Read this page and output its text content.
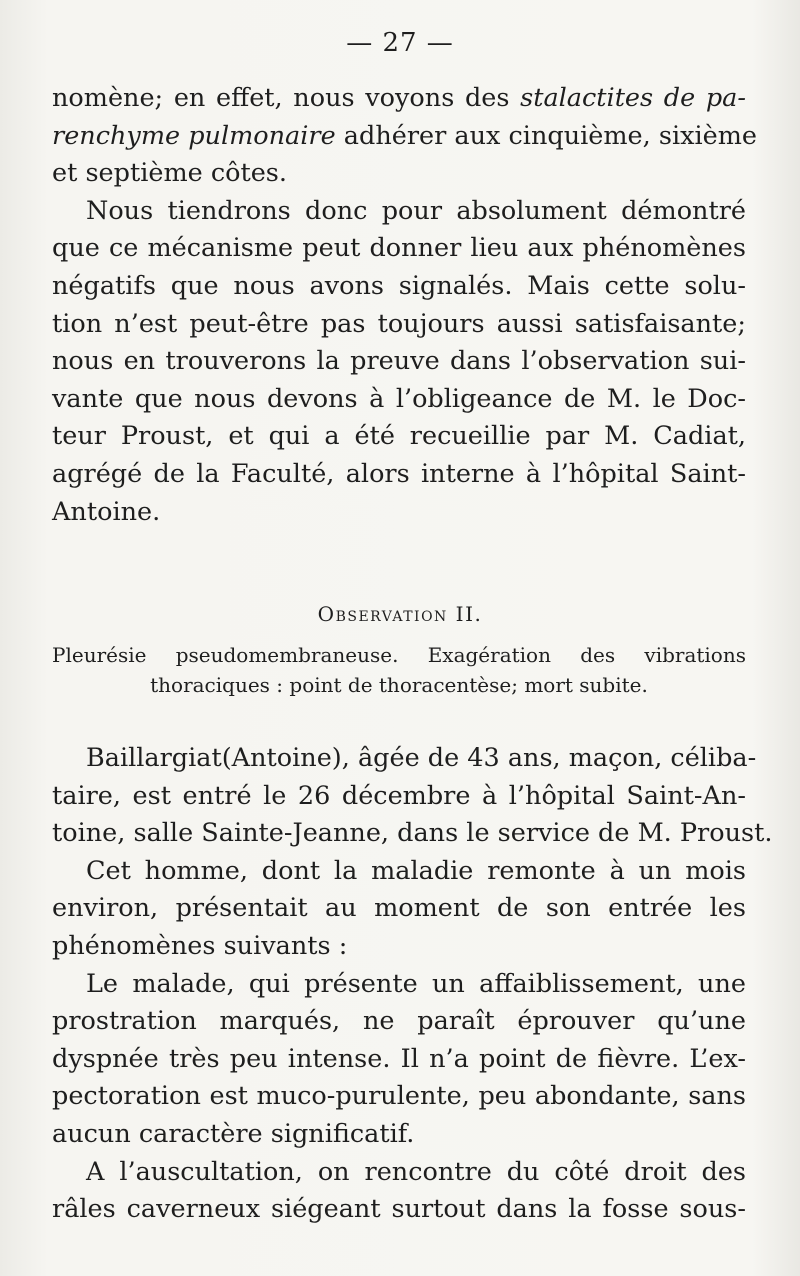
— 27 —
nomène; en effet, nous voyons des stalactites de pa-
renchyme pulmonaire adhérer aux cinquième, sixième
et septième côtes.
Nous tiendrons donc pour absolument démontré
que ce mécanisme peut donner lieu aux phénomènes
négatifs que nous avons signalés. Mais cette solu-
tion n’est peut-être pas toujours aussi satisfaisante;
nous en trouverons la preuve dans l’observation sui-
vante que nous devons à l’obligeance de M. le Doc-
teur Proust, et qui a été recueillie par M. Cadiat,
agrégé de la Faculté, alors interne à l’hôpital Saint-
Antoine.
Observation II.
Pleurésie pseudomembraneuse. Exagération des vibrations
thoraciques : point de thoracentèse; mort subite.
Baillargiat(Antoine), âgée de 43 ans, maçon, céliba-
taire, est entré le 26 décembre à l’hôpital Saint-An-
toine, salle Sainte-Jeanne, dans le service de M. Proust.
Cet homme, dont la maladie remonte à un mois
environ, présentait au moment de son entrée les
phénomènes suivants :
Le malade, qui présente un affaiblissement, une
prostration marqués, ne paraît éprouver qu’une
dyspnée très peu intense. Il n’a point de fièvre. L’ex-
pectoration est muco-purulente, peu abondante, sans
aucun caractère significatif.
A l’auscultation, on rencontre du côté droit des
râles caverneux siégeant surtout dans la fosse sous-
